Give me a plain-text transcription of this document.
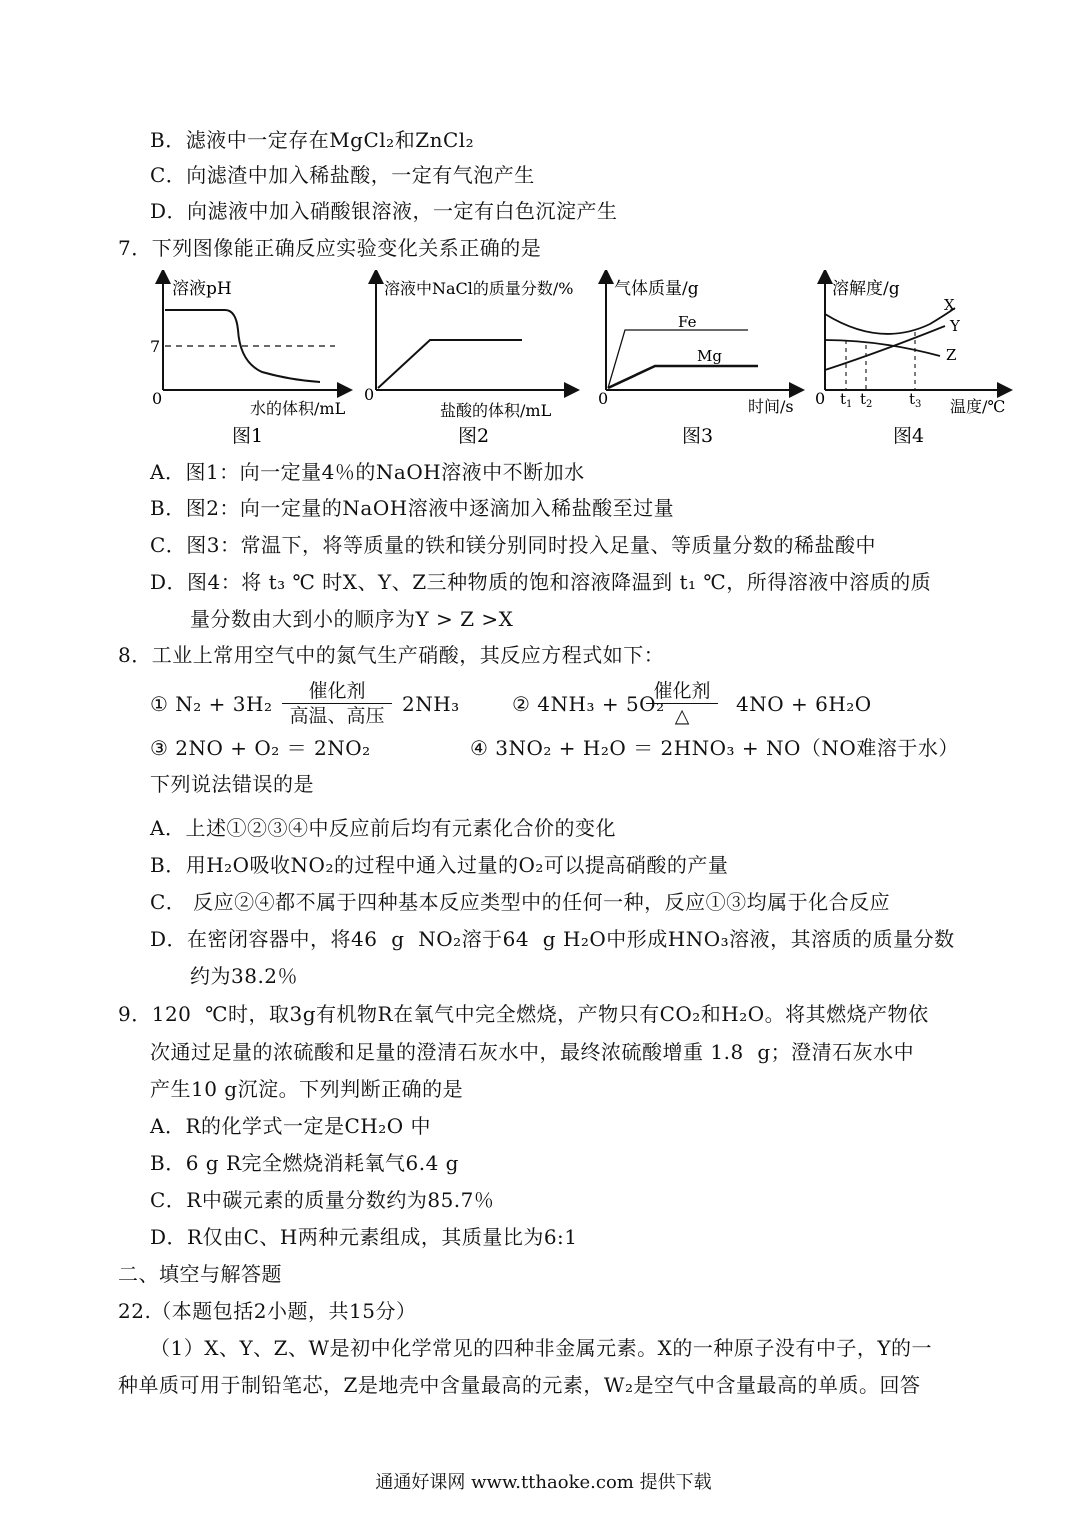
B．滤液中一定存在MgCl₂和ZnCl₂
C．向滤渣中加入稀盐酸，一定有气泡产生
D．向滤液中加入硝酸银溶液，一定有白色沉淀产生
7．下列图像能正确反应实验变化关系正确的是
溶液pH
0
7
水的体积/mL
图1
溶液中NaCl的质量分数/%
0
盐酸的体积/mL
图2
气体质量/g
0
Fe
Mg
时间/s
图3
溶解度/g
0
X
Y
Z
$t_1$ $t_2$ $t_3$ 温度/℃
图4
A．图1：向一定量4％的NaOH溶液中不断加水
B．图2：向一定量的NaOH溶液中逐滴加入稀盐酸至过量
C．图3：常温下，将等质量的铁和镁分别同时投入足量、等质量分数的稀盐酸中
D．图4：将 t₃ ℃ 时X、Y、Z三种物质的饱和溶液降温到 t₁ ℃，所得溶液中溶质的质
量分数由大到小的顺序为Y > Z >X
8．工业上常用空气中的氮气生产硝酸，其反应方程式如下：
① N₂ + 3H₂
催化剂
高温、高压 2NH₃	② 4NH₃ + 5O₂
催化剂
△	4NO + 6H₂O
③ 2NO + O₂ ＝ 2NO₂	④ 3NO₂ + H₂O ＝ 2HNO₃ + NO（NO难溶于水）
下列说法错误的是
A．上述①②③④中反应前后均有元素化合价的变化
B．用H₂O吸收NO₂的过程中通入过量的O₂可以提高硝酸的产量
C． 反应②④都不属于四种基本反应类型中的任何一种，反应①③均属于化合反应
D．在密闭容器中，将46  g  NO₂溶于64  g H₂O中形成HNO₃溶液，其溶质的质量分数
约为38.2％
9．120  ℃时，取3g有机物R在氧气中完全燃烧，产物只有CO₂和H₂O。将其燃烧产物依
次通过足量的浓硫酸和足量的澄清石灰水中，最终浓硫酸增重 1.8  g；澄清石灰水中
产生10 g沉淀。下列判断正确的是
A．R的化学式一定是CH₂O 中
B．6 g R完全燃烧消耗氧气6.4 g
C．R中碳元素的质量分数约为85.7％
D．R仅由C、H两种元素组成，其质量比为6:1
二、填空与解答题
22.（本题包括2小题，共15分）
（1）X、Y、Z、W是初中化学常见的四种非金属元素。X的一种原子没有中子，Y的一
种单质可用于制铅笔芯，Z是地壳中含量最高的元素，W₂是空气中含量最高的单质。回答
通通好课网 www.tthaoke.com 提供下载
